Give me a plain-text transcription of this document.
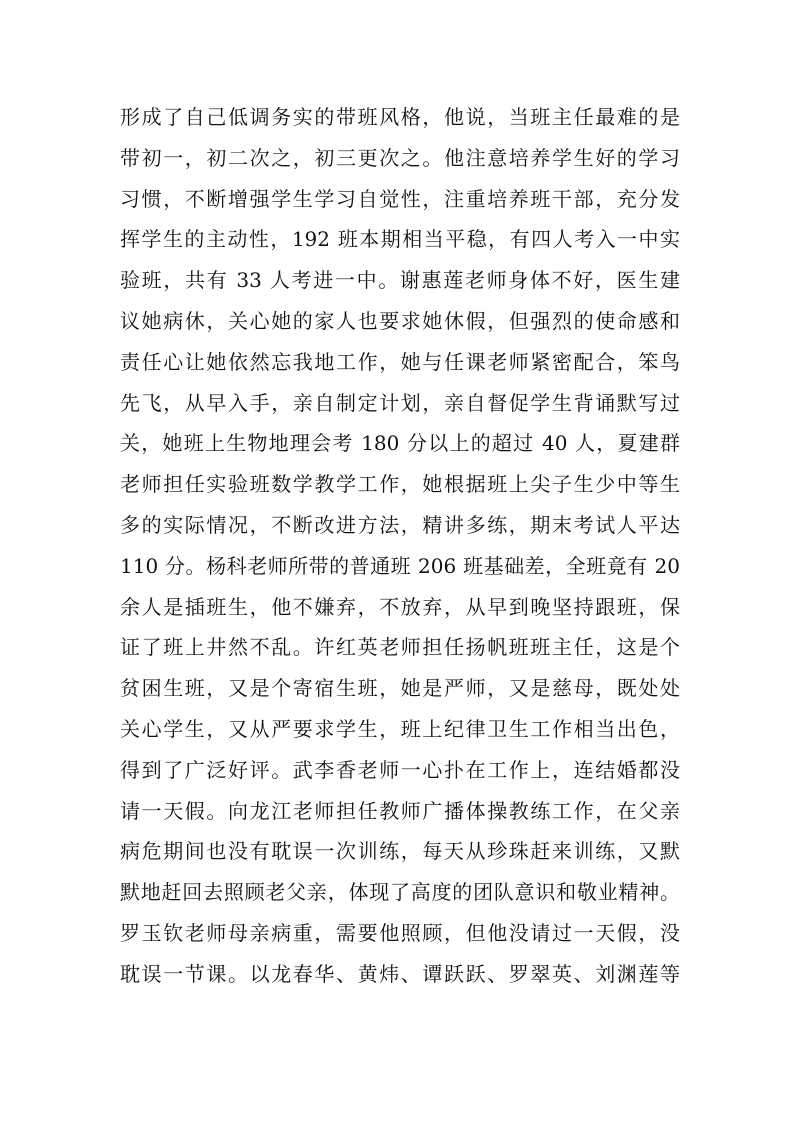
形成了自己低调务实的带班风格，他说，当班主任最难的是
带初一，初二次之，初三更次之。他注意培养学生好的学习
习惯，不断增强学生学习自觉性，注重培养班干部，充分发
挥学生的主动性，192 班本期相当平稳，有四人考入一中实
验班，共有 33 人考进一中。谢惠莲老师身体不好，医生建
议她病休，关心她的家人也要求她休假，但强烈的使命感和
责任心让她依然忘我地工作，她与任课老师紧密配合，笨鸟
先飞，从早入手，亲自制定计划，亲自督促学生背诵默写过
关，她班上生物地理会考 180 分以上的超过 40 人，夏建群
老师担任实验班数学教学工作，她根据班上尖子生少中等生
多的实际情况，不断改进方法，精讲多练，期末考试人平达
110 分。杨科老师所带的普通班 206 班基础差，全班竟有 20
余人是插班生，他不嫌弃，不放弃，从早到晚坚持跟班，保
证了班上井然不乱。许红英老师担任扬帆班班主任，这是个
贫困生班，又是个寄宿生班，她是严师，又是慈母，既处处
关心学生，又从严要求学生，班上纪律卫生工作相当出色，
得到了广泛好评。武李香老师一心扑在工作上，连结婚都没
请一天假。向龙江老师担任教师广播体操教练工作，在父亲
病危期间也没有耽误一次训练，每天从珍珠赶来训练，又默
默地赶回去照顾老父亲，体现了高度的团队意识和敬业精神。
罗玉钦老师母亲病重，需要他照顾，但他没请过一天假，没
耽误一节课。以龙春华、黄炜、谭跃跃、罗翠英、刘渊莲等
